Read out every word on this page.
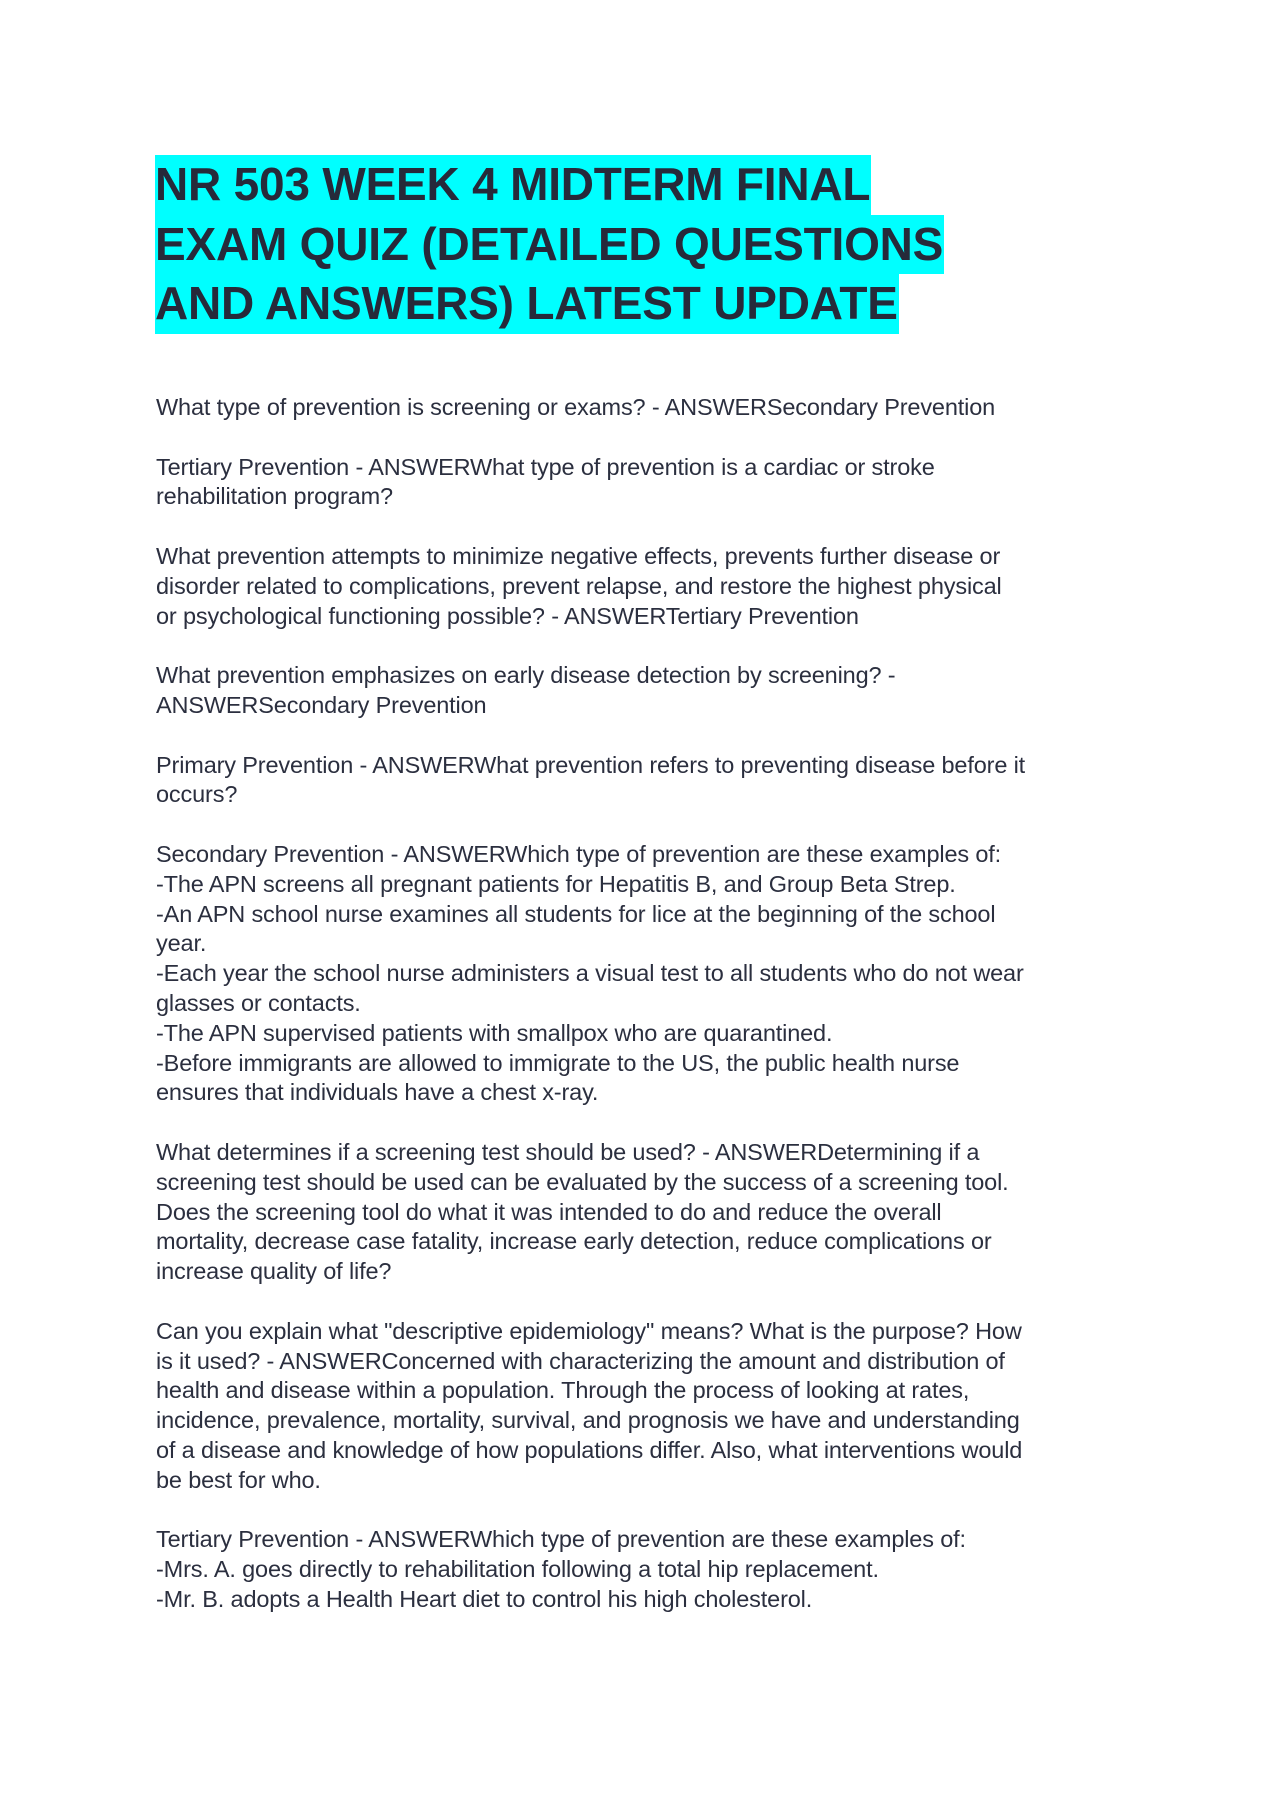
NR 503 WEEK 4 MIDTERM FINAL
EXAM QUIZ (DETAILED QUESTIONS
AND ANSWERS) LATEST UPDATE

What type of prevention is screening or exams? - ANSWERSecondary Prevention

Tertiary Prevention - ANSWERWhat type of prevention is a cardiac or stroke
rehabilitation program?

What prevention attempts to minimize negative effects, prevents further disease or
disorder related to complications, prevent relapse, and restore the highest physical
or psychological functioning possible? - ANSWERTertiary Prevention

What prevention emphasizes on early disease detection by screening? -
ANSWERSecondary Prevention

Primary Prevention - ANSWERWhat prevention refers to preventing disease before it
occurs?

Secondary Prevention - ANSWERWhich type of prevention are these examples of:
-The APN screens all pregnant patients for Hepatitis B, and Group Beta Strep.
-An APN school nurse examines all students for lice at the beginning of the school
year.
-Each year the school nurse administers a visual test to all students who do not wear
glasses or contacts.
-The APN supervised patients with smallpox who are quarantined.
-Before immigrants are allowed to immigrate to the US, the public health nurse
ensures that individuals have a chest x-ray.

What determines if a screening test should be used? - ANSWERDetermining if a
screening test should be used can be evaluated by the success of a screening tool.
Does the screening tool do what it was intended to do and reduce the overall
mortality, decrease case fatality, increase early detection, reduce complications or
increase quality of life?

Can you explain what "descriptive epidemiology" means? What is the purpose? How
is it used? - ANSWERConcerned with characterizing the amount and distribution of
health and disease within a population. Through the process of looking at rates,
incidence, prevalence, mortality, survival, and prognosis we have and understanding
of a disease and knowledge of how populations differ. Also, what interventions would
be best for who.

Tertiary Prevention - ANSWERWhich type of prevention are these examples of:
-Mrs. A. goes directly to rehabilitation following a total hip replacement.
-Mr. B. adopts a Health Heart diet to control his high cholesterol.
